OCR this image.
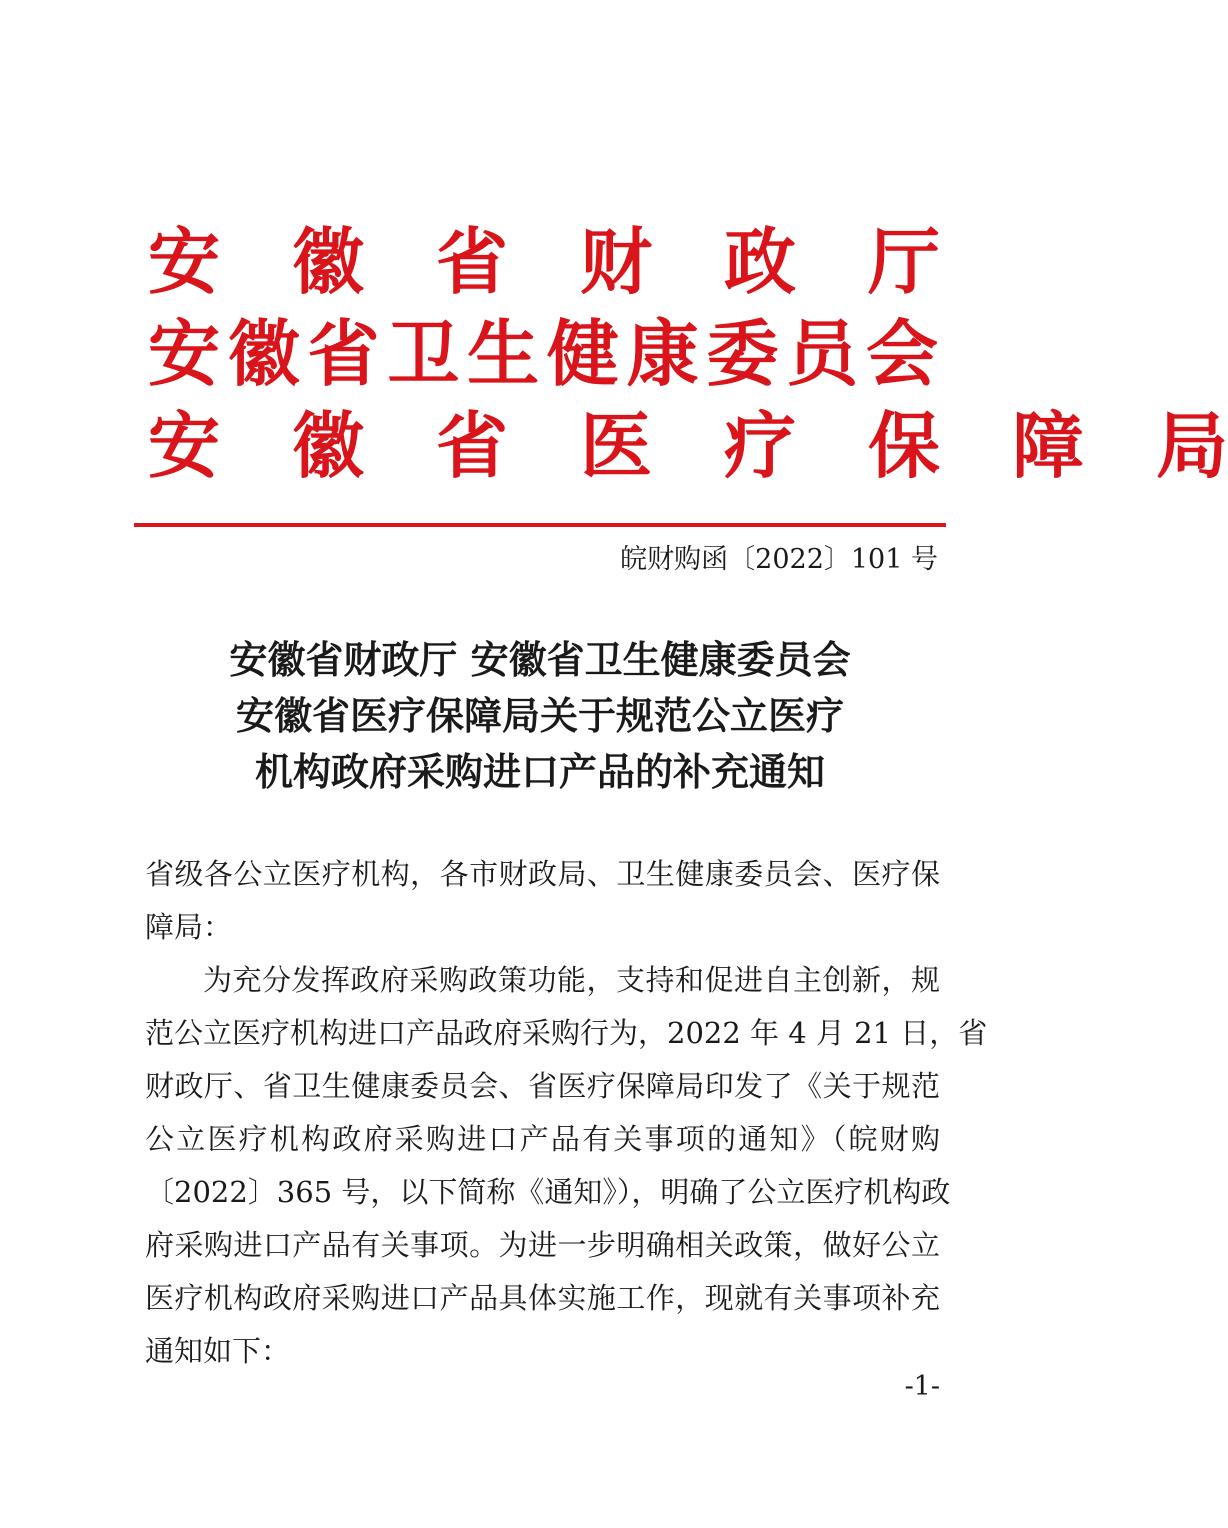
安　徽　省　财　政　厅
安徽省卫生健康委员会
安　徽　省　医　疗　保　障　局
皖财购函〔2022〕101 号
安徽省财政厅 安徽省卫生健康委员会
安徽省医疗保障局关于规范公立医疗
机构政府采购进口产品的补充通知
省级各公立医疗机构，各市财政局、卫生健康委员会、医疗保
障局：
为充分发挥政府采购政策功能，支持和促进自主创新，规
范公立医疗机构进口产品政府采购行为，2022 年 4 月 21 日，省
财政厅、省卫生健康委员会、省医疗保障局印发了《关于规范
公立医疗机构政府采购进口产品有关事项的通知》（皖财购
〔2022〕365 号，以下简称《通知》），明确了公立医疗机构政
府采购进口产品有关事项。为进一步明确相关政策，做好公立
医疗机构政府采购进口产品具体实施工作，现就有关事项补充
通知如下：
-1-
